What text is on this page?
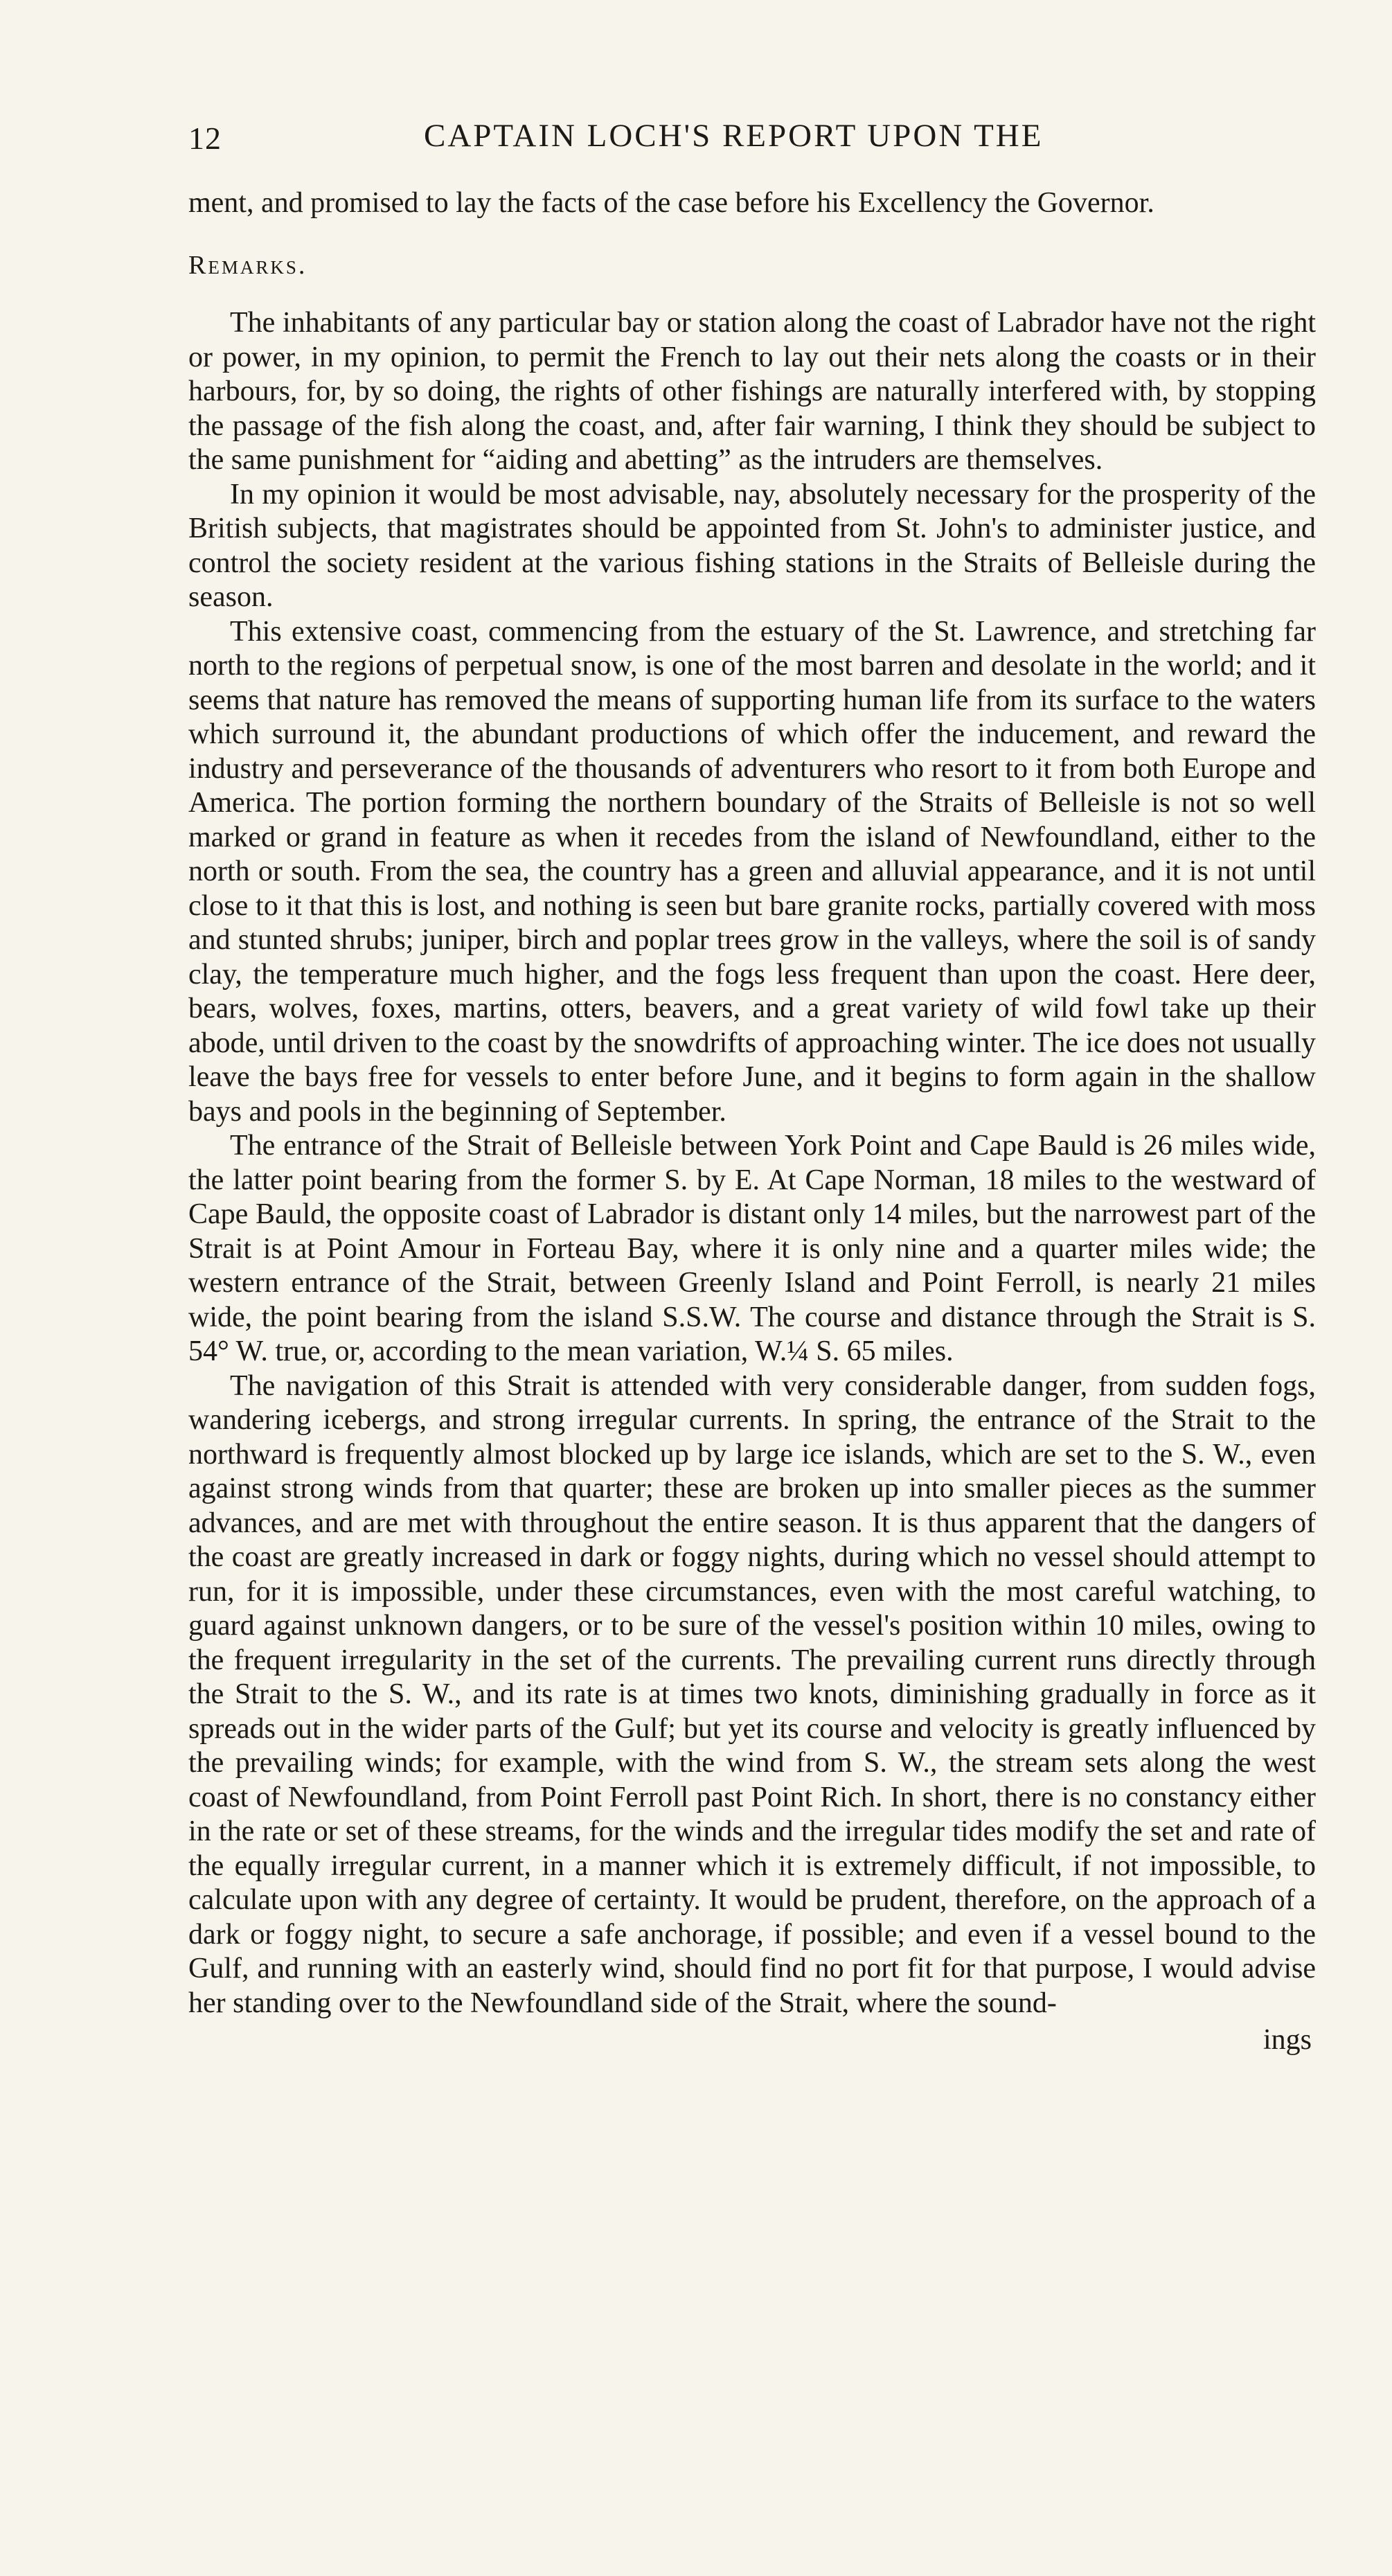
12	CAPTAIN LOCH'S REPORT UPON THE

ment, and promised to lay the facts of the case before his Excellency the Governor.

Remarks.

The inhabitants of any particular bay or station along the coast of Labrador have not the right or power, in my opinion, to permit the French to lay out their nets along the coasts or in their harbours, for, by so doing, the rights of other fishings are naturally interfered with, by stopping the passage of the fish along the coast, and, after fair warning, I think they should be subject to the same punishment for “aiding and abetting” as the intruders are themselves.

In my opinion it would be most advisable, nay, absolutely necessary for the prosperity of the British subjects, that magistrates should be appointed from St. John's to administer justice, and control the society resident at the various fishing stations in the Straits of Belleisle during the season.

This extensive coast, commencing from the estuary of the St. Lawrence, and stretching far north to the regions of perpetual snow, is one of the most barren and desolate in the world; and it seems that nature has removed the means of supporting human life from its surface to the waters which surround it, the abundant productions of which offer the inducement, and reward the industry and perseverance of the thousands of adventurers who resort to it from both Europe and America. The portion forming the northern boundary of the Straits of Belleisle is not so well marked or grand in feature as when it recedes from the island of Newfoundland, either to the north or south. From the sea, the country has a green and alluvial appearance, and it is not until close to it that this is lost, and nothing is seen but bare granite rocks, partially covered with moss and stunted shrubs; juniper, birch and poplar trees grow in the valleys, where the soil is of sandy clay, the temperature much higher, and the fogs less frequent than upon the coast. Here deer, bears, wolves, foxes, martins, otters, beavers, and a great variety of wild fowl take up their abode, until driven to the coast by the snowdrifts of approaching winter. The ice does not usually leave the bays free for vessels to enter before June, and it begins to form again in the shallow bays and pools in the beginning of September.

The entrance of the Strait of Belleisle between York Point and Cape Bauld is 26 miles wide, the latter point bearing from the former S. by E. At Cape Norman, 18 miles to the westward of Cape Bauld, the opposite coast of Labrador is distant only 14 miles, but the narrowest part of the Strait is at Point Amour in Forteau Bay, where it is only nine and a quarter miles wide; the western entrance of the Strait, between Greenly Island and Point Ferroll, is nearly 21 miles wide, the point bearing from the island S.S.W. The course and distance through the Strait is S. 54° W. true, or, according to the mean variation, W.¼ S. 65 miles.

The navigation of this Strait is attended with very considerable danger, from sudden fogs, wandering icebergs, and strong irregular currents. In spring, the entrance of the Strait to the northward is frequently almost blocked up by large ice islands, which are set to the S. W., even against strong winds from that quarter; these are broken up into smaller pieces as the summer advances, and are met with throughout the entire season. It is thus apparent that the dangers of the coast are greatly increased in dark or foggy nights, during which no vessel should attempt to run, for it is impossible, under these circumstances, even with the most careful watching, to guard against unknown dangers, or to be sure of the vessel's position within 10 miles, owing to the frequent irregularity in the set of the currents. The prevailing current runs directly through the Strait to the S. W., and its rate is at times two knots, diminishing gradually in force as it spreads out in the wider parts of the Gulf; but yet its course and velocity is greatly influenced by the prevailing winds; for example, with the wind from S. W., the stream sets along the west coast of Newfoundland, from Point Ferroll past Point Rich. In short, there is no constancy either in the rate or set of these streams, for the winds and the irregular tides modify the set and rate of the equally irregular current, in a manner which it is extremely difficult, if not impossible, to calculate upon with any degree of certainty. It would be prudent, therefore, on the approach of a dark or foggy night, to secure a safe anchorage, if possible; and even if a vessel bound to the Gulf, and running with an easterly wind, should find no port fit for that purpose, I would advise her standing over to the Newfoundland side of the Strait, where the sound-

ings
